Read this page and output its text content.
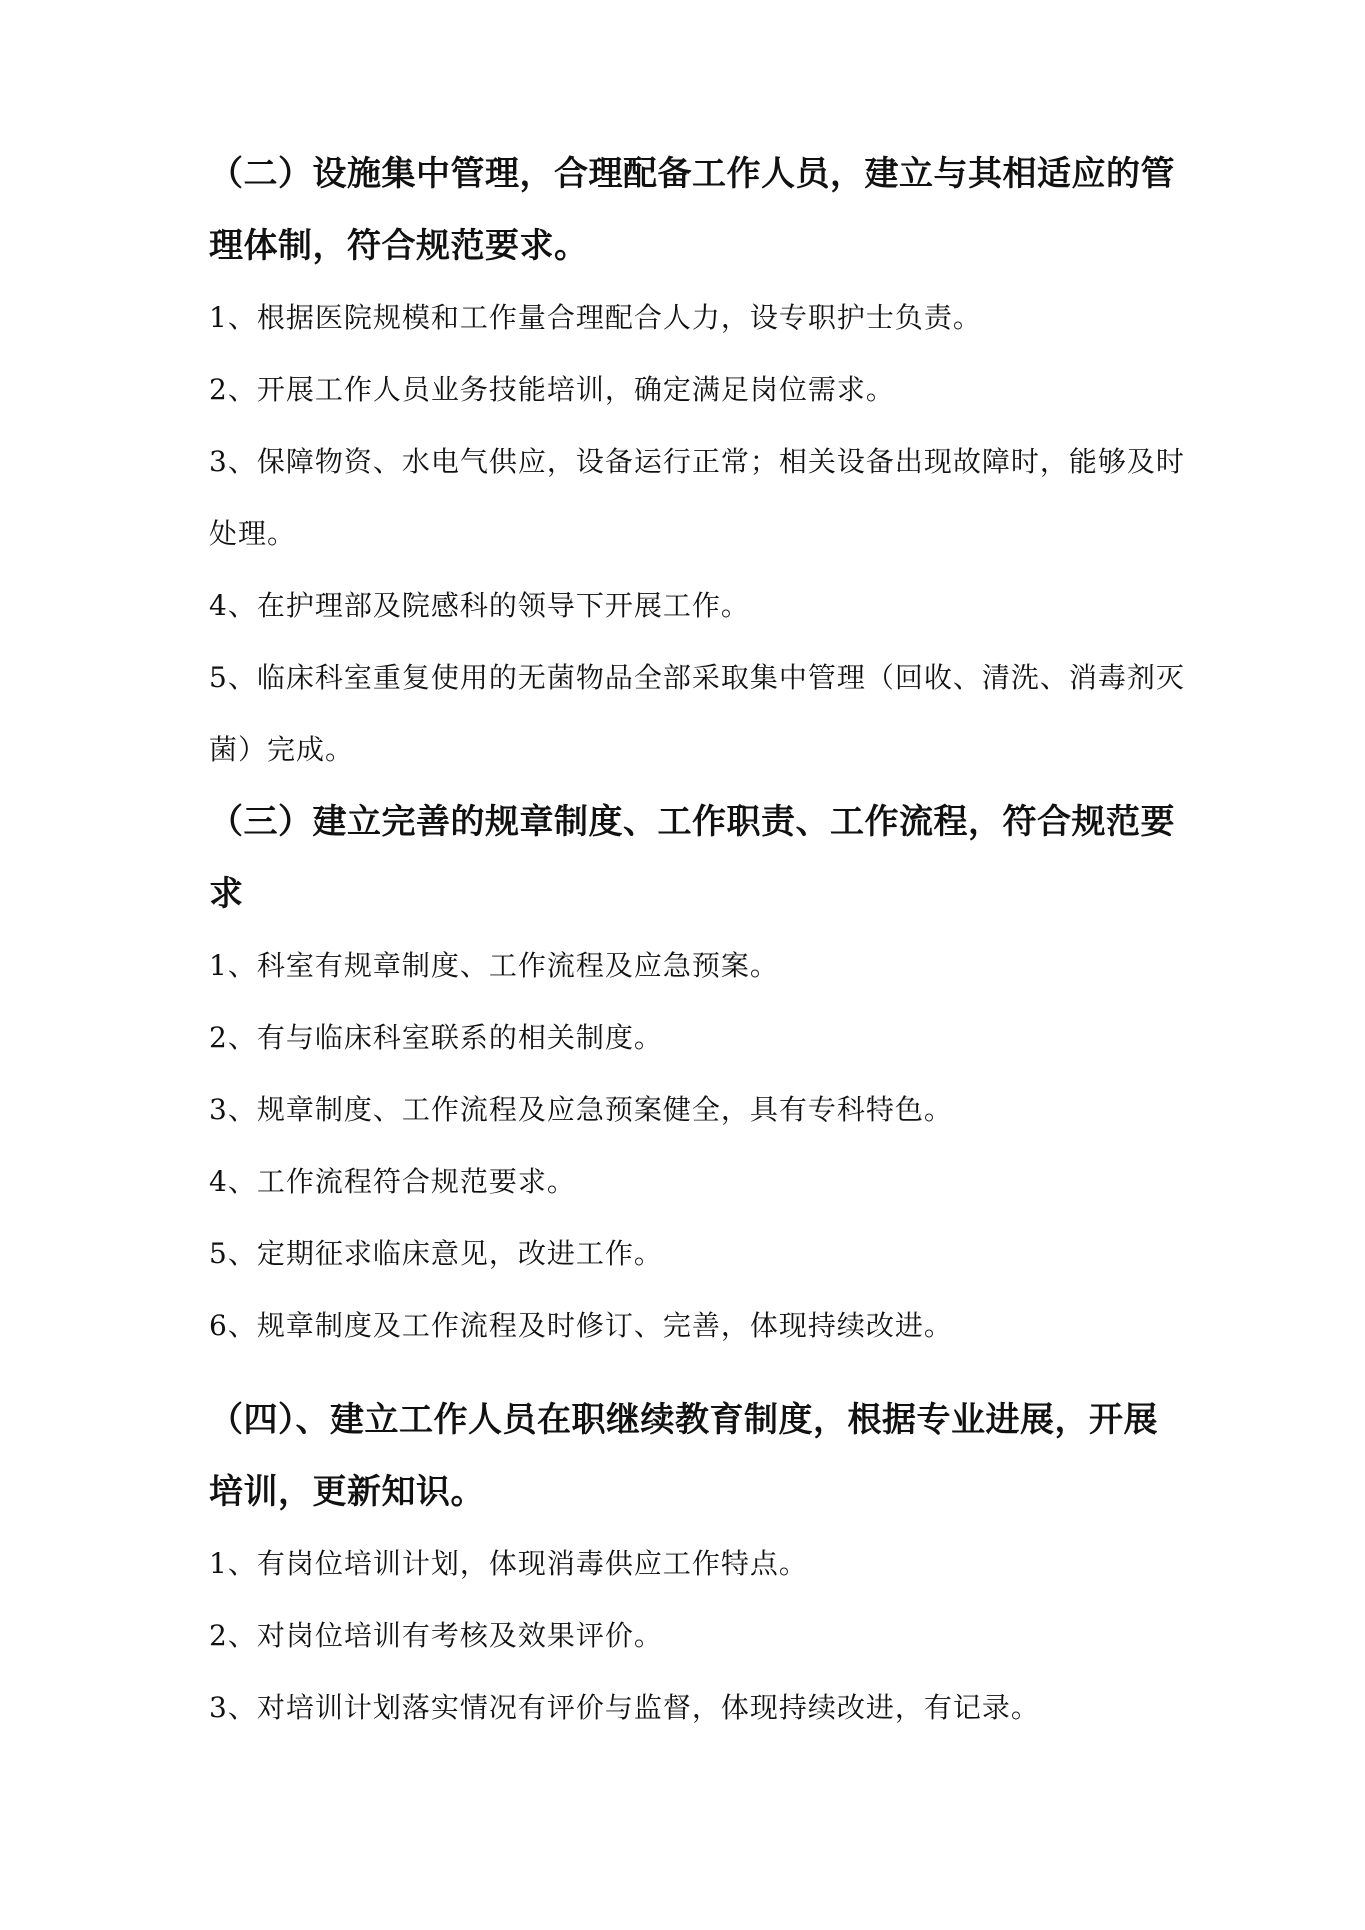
（二）设施集中管理，合理配备工作人员，建立与其相适应的管理体制，符合规范要求。

1、根据医院规模和工作量合理配合人力，设专职护士负责。

2、开展工作人员业务技能培训，确定满足岗位需求。

3、保障物资、水电气供应，设备运行正常；相关设备出现故障时，能够及时处理。

4、在护理部及院感科的领导下开展工作。

5、临床科室重复使用的无菌物品全部采取集中管理（回收、清洗、消毒剂灭菌）完成。

（三）建立完善的规章制度、工作职责、工作流程，符合规范要求

1、科室有规章制度、工作流程及应急预案。

2、有与临床科室联系的相关制度。

3、规章制度、工作流程及应急预案健全，具有专科特色。

4、工作流程符合规范要求。

5、定期征求临床意见，改进工作。

6、规章制度及工作流程及时修订、完善，体现持续改进。

（四）、建立工作人员在职继续教育制度，根据专业进展，开展培训，更新知识。

1、有岗位培训计划，体现消毒供应工作特点。

2、对岗位培训有考核及效果评价。

3、对培训计划落实情况有评价与监督，体现持续改进，有记录。
